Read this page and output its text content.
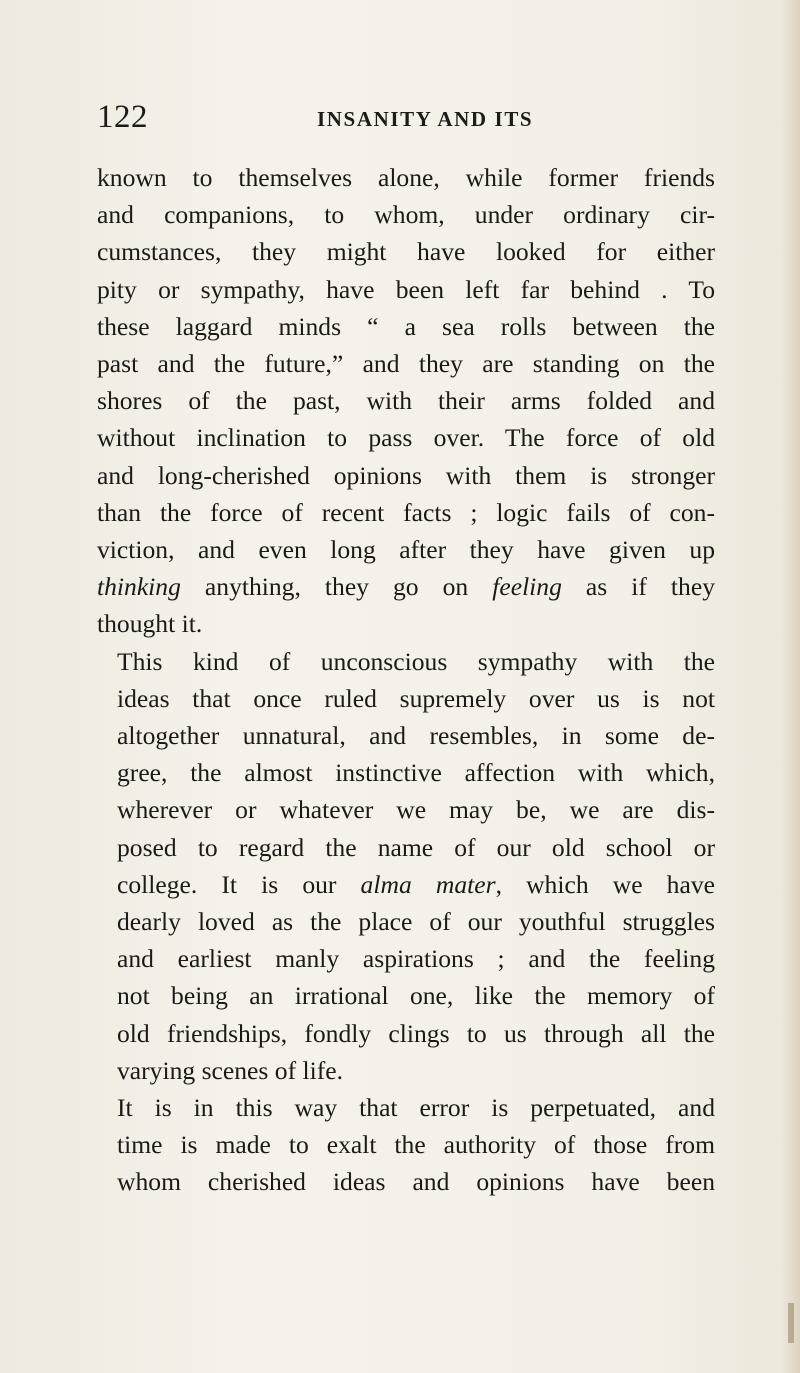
122	INSANITY AND ITS
known to themselves alone, while former friends
and companions, to whom, under ordinary cir-
cumstances, they might have looked for either
pity or sympathy, have been left far behind . To
these laggard minds “ a sea rolls between the
past and the future,” and they are standing on the
shores of the past, with their arms folded and
without inclination to pass over. The force of old
and long-cherished opinions with them is stronger
than the force of recent facts ; logic fails of con-
viction, and even long after they have given up
thinking anything, they go on feeling as if they
thought it.
This kind of unconscious sympathy with the
ideas that once ruled supremely over us is not
altogether unnatural, and resembles, in some de-
gree, the almost instinctive affection with which,
wherever or whatever we may be, we are dis-
posed to regard the name of our old school or
college. It is our alma mater, which we have
dearly loved as the place of our youthful struggles
and earliest manly aspirations ; and the feeling
not being an irrational one, like the memory of
old friendships, fondly clings to us through all the
varying scenes of life.
It is in this way that error is perpetuated, and
time is made to exalt the authority of those from
whom cherished ideas and opinions have been
